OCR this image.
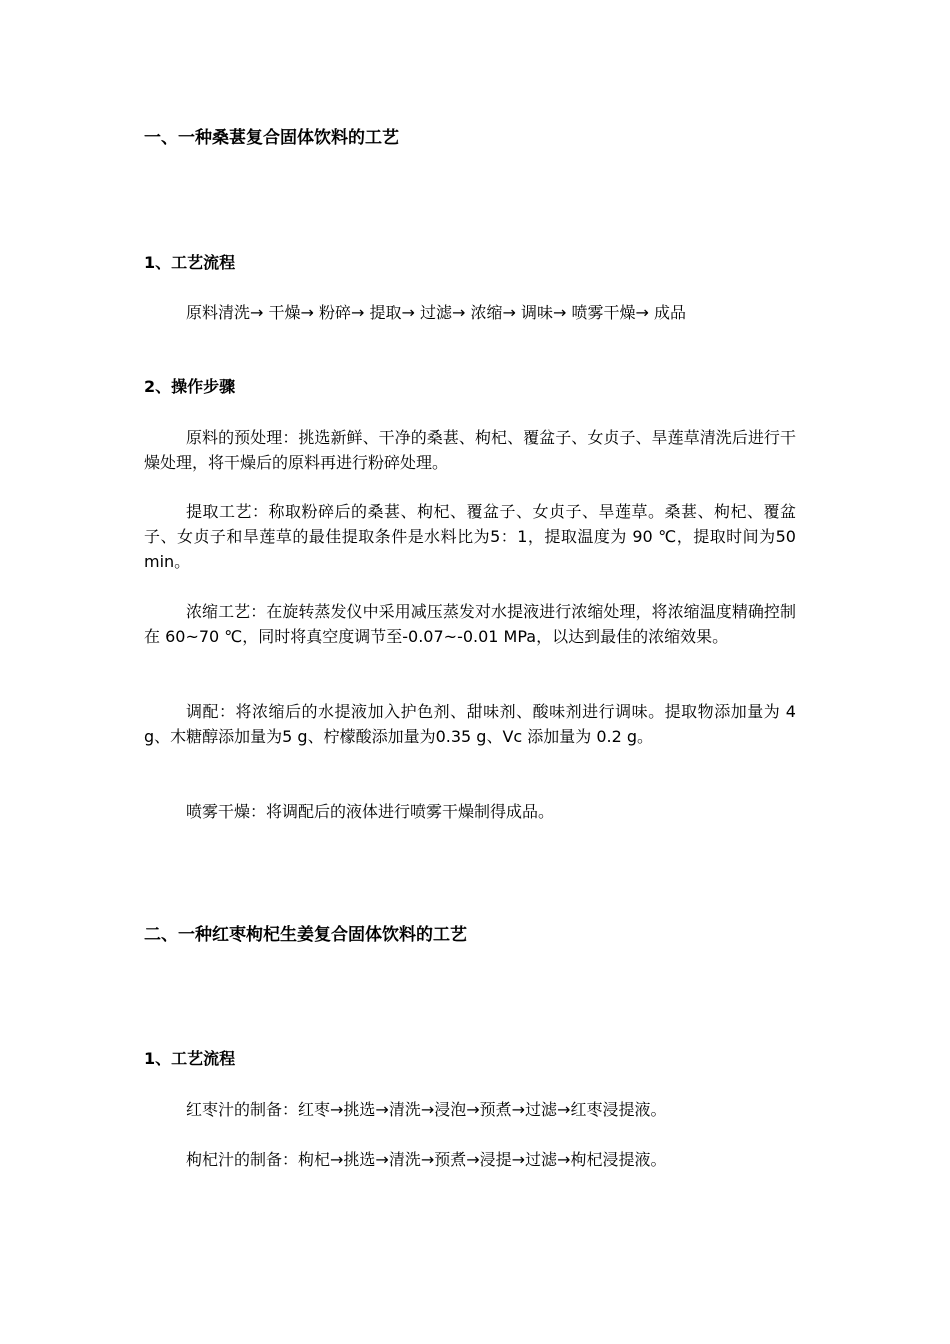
一、一种桑葚复合固体饮料的工艺
1、工艺流程
原料清洗→ 干燥→ 粉碎→ 提取→ 过滤→ 浓缩→ 调味→ 喷雾干燥→ 成品
2、操作步骤
原料的预处理：挑选新鲜、干净的桑葚、枸杞、覆盆子、女贞子、旱莲草清洗后进行干燥处理，将干燥后的原料再进行粉碎处理。
提取工艺：称取粉碎后的桑葚、枸杞、覆盆子、女贞子、旱莲草。桑葚、枸杞、覆盆子、女贞子和旱莲草的最佳提取条件是水料比为5：1，提取温度为 90 ℃，提取时间为50 min。
浓缩工艺：在旋转蒸发仪中采用减压蒸发对水提液进行浓缩处理，将浓缩温度精确控制在 60~70 ℃，同时将真空度调节至-0.07~-0.01 MPa，以达到最佳的浓缩效果。
调配：将浓缩后的水提液加入护色剂、甜味剂、酸味剂进行调味。提取物添加量为 4 g、木糖醇添加量为5 g、柠檬酸添加量为0.35 g、Vc 添加量为 0.2 g。
喷雾干燥：将调配后的液体进行喷雾干燥制得成品。
二、一种红枣枸杞生姜复合固体饮料的工艺
1、工艺流程
红枣汁的制备：红枣→挑选→清洗→浸泡→预煮→过滤→红枣浸提液。
枸杞汁的制备：枸杞→挑选→清洗→预煮→浸提→过滤→枸杞浸提液。
